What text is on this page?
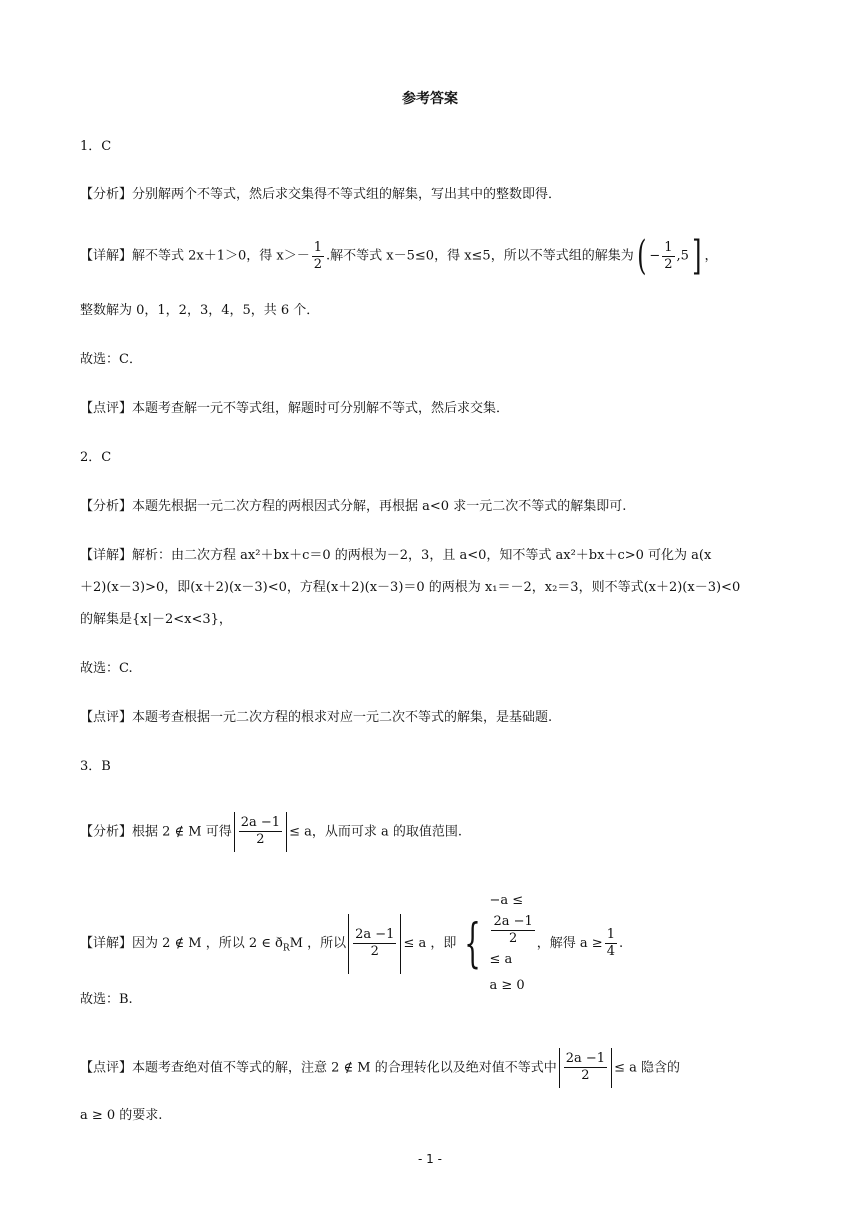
参考答案
1．C
【分析】分别解两个不等式，然后求交集得不等式组的解集，写出其中的整数即得．
【详解】解不等式 2x＋1＞0，得 $x>- \frac{1}{2}$ .解不等式 x－5≤0，得 x≤5，所以不等式组的解集为( − $\frac{1}{2} ,5$] ，
整数解为 0，1，2，3，4，5，共 6 个．
故选：C．
【点评】本题考查解一元不等式组，解题时可分别解不等式，然后求交集．
2．C
【分析】本题先根据一元二次方程的两根因式分解，再根据 a<0 求一元二次不等式的解集即可.
【详解】解析：由二次方程 ax²＋bx＋c＝0 的两根为－2，3，且 a<0，知不等式 ax²＋bx＋c>0 可化为 a(x
＋2)(x－3)>0，即(x＋2)(x－3)<0，方程(x＋2)(x－3)＝0 的两根为 x₁＝－2，x₂＝3，则不等式(x＋2)(x－3)<0
的解集是{x|－2<x<3}，
故选：C.
【点评】本题考查根据一元二次方程的根求对应一元二次不等式的解集，是基础题.
3．B
【分析】根据 2 ∉ M 可得 $\frac{2a -1}{2} \le a$，从而可求 a 的取值范围.
【详解】因为 2 ∉ M ，所以 2 ∈ $ð_RM$ ，所以 $\frac{2a -1}{2} \le a$ ，即 {
−a ≤
2a −1
2
≤ a
a ≥ 0
，解得 $a \ge \frac{1}{4}$ .
故选：B.
【点评】本题考查绝对值不等式的解，注意 2 ∉ M 的合理转化以及绝对值不等式中 $\frac{2a -1}{2} \le a$ 隐含的
a ≥ 0 的要求.
- 1 -
